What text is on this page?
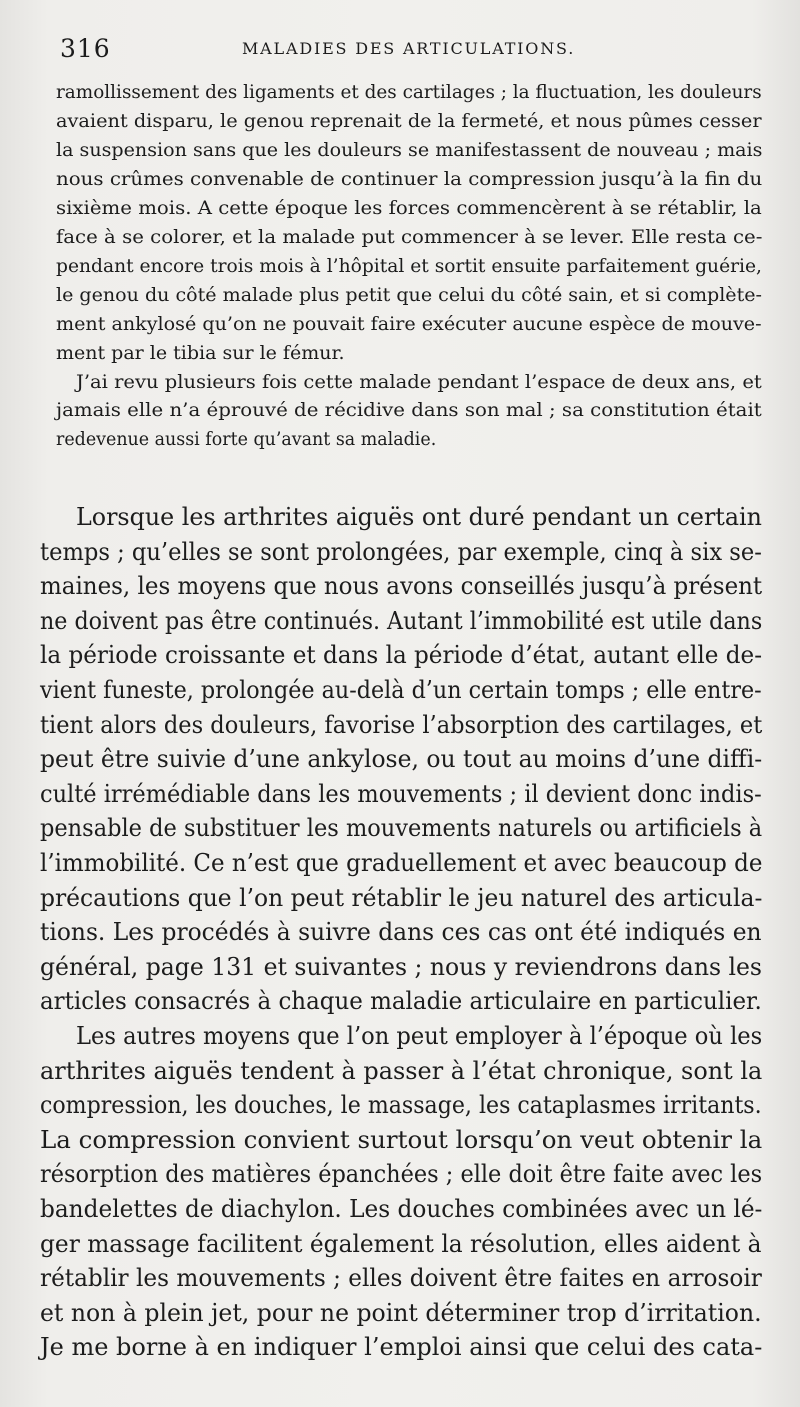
316	MALADIES DES ARTICULATIONS.
ramollissement des ligaments et des cartilages ; la fluctuation, les douleurs
avaient disparu, le genou reprenait de la fermeté, et nous pûmes cesser
la suspension sans que les douleurs se manifestassent de nouveau ; mais
nous crûmes convenable de continuer la compression jusqu’à la fin du
sixième mois. A cette époque les forces commencèrent à se rétablir, la
face à se colorer, et la malade put commencer à se lever. Elle resta ce-
pendant encore trois mois à l’hôpital et sortit ensuite parfaitement guérie,
le genou du côté malade plus petit que celui du côté sain, et si complète-
ment ankylosé qu’on ne pouvait faire exécuter aucune espèce de mouve-
ment par le tibia sur le fémur.
J’ai revu plusieurs fois cette malade pendant l’espace de deux ans, et
jamais elle n’a éprouvé de récidive dans son mal ; sa constitution était
redevenue aussi forte qu’avant sa maladie.
Lorsque les arthrites aiguës ont duré pendant un certain
temps ; qu’elles se sont prolongées, par exemple, cinq à six se-
maines, les moyens que nous avons conseillés jusqu’à présent
ne doivent pas être continués. Autant l’immobilité est utile dans
la période croissante et dans la période d’état, autant elle de-
vient funeste, prolongée au-delà d’un certain tomps ; elle entre-
tient alors des douleurs, favorise l’absorption des cartilages, et
peut être suivie d’une ankylose, ou tout au moins d’une diffi-
culté irrémédiable dans les mouvements ; il devient donc indis-
pensable de substituer les mouvements naturels ou artificiels à
l’immobilité. Ce n’est que graduellement et avec beaucoup de
précautions que l’on peut rétablir le jeu naturel des articula-
tions. Les procédés à suivre dans ces cas ont été indiqués en
général, page 131 et suivantes ; nous y reviendrons dans les
articles consacrés à chaque maladie articulaire en particulier.
Les autres moyens que l’on peut employer à l’époque où les
arthrites aiguës tendent à passer à l’état chronique, sont la
compression, les douches, le massage, les cataplasmes irritants.
La compression convient surtout lorsqu’on veut obtenir la
résorption des matières épanchées ; elle doit être faite avec les
bandelettes de diachylon. Les douches combinées avec un lé-
ger massage facilitent également la résolution, elles aident à
rétablir les mouvements ; elles doivent être faites en arrosoir
et non à plein jet, pour ne point déterminer trop d’irritation.
Je me borne à en indiquer l’emploi ainsi que celui des cata-
